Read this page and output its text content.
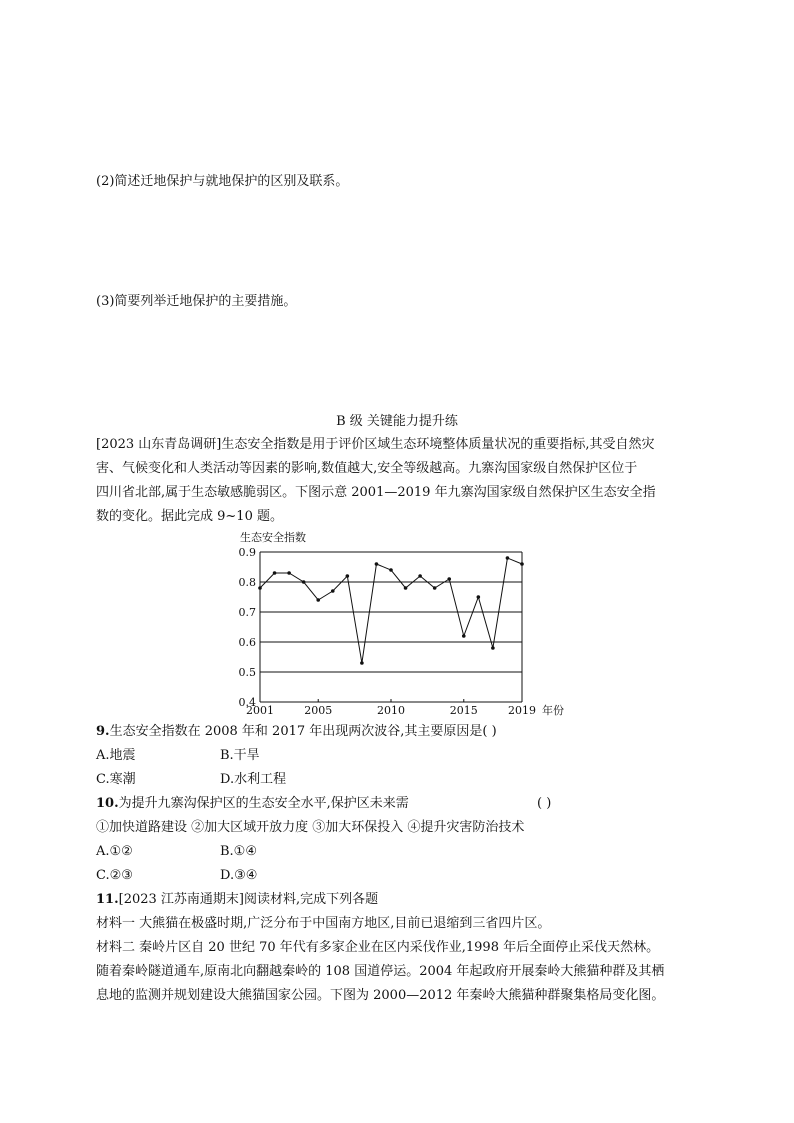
(2)简述迁地保护与就地保护的区别及联系。
(3)简要列举迁地保护的主要措施。
B 级 关键能力提升练
[2023 山东青岛调研]生态安全指数是用于评价区域生态环境整体质量状况的重要指标,其受自然灾
害、气候变化和人类活动等因素的影响,数值越大,安全等级越高。九寨沟国家级自然保护区位于
四川省北部,属于生态敏感脆弱区。下图示意 2001—2019 年九寨沟国家级自然保护区生态安全指
数的变化。据此完成 9~10 题。
0.4
0.5
0.6
0.7
0.8
0.9
2001	2005	2010	2015	2019
生态安全指数
年份
9.生态安全指数在 2008 年和 2017 年出现两次波谷,其主要原因是( )
A.地震	B.干旱
C.寒潮	D.水利工程
10.为提升九寨沟保护区的生态安全水平,保护区未来需	( )
①加快道路建设 ②加大区域开放力度 ③加大环保投入 ④提升灾害防治技术
A.①②	B.①④
C.②③	D.③④
11.[2023 江苏南通期末]阅读材料,完成下列各题
材料一 大熊猫在极盛时期,广泛分布于中国南方地区,目前已退缩到三省四片区。
材料二 秦岭片区自 20 世纪 70 年代有多家企业在区内采伐作业,1998 年后全面停止采伐天然林。
随着秦岭隧道通车,原南北向翻越秦岭的 108 国道停运。2004 年起政府开展秦岭大熊猫种群及其栖
息地的监测并规划建设大熊猫国家公园。下图为 2000—2012 年秦岭大熊猫种群聚集格局变化图。
